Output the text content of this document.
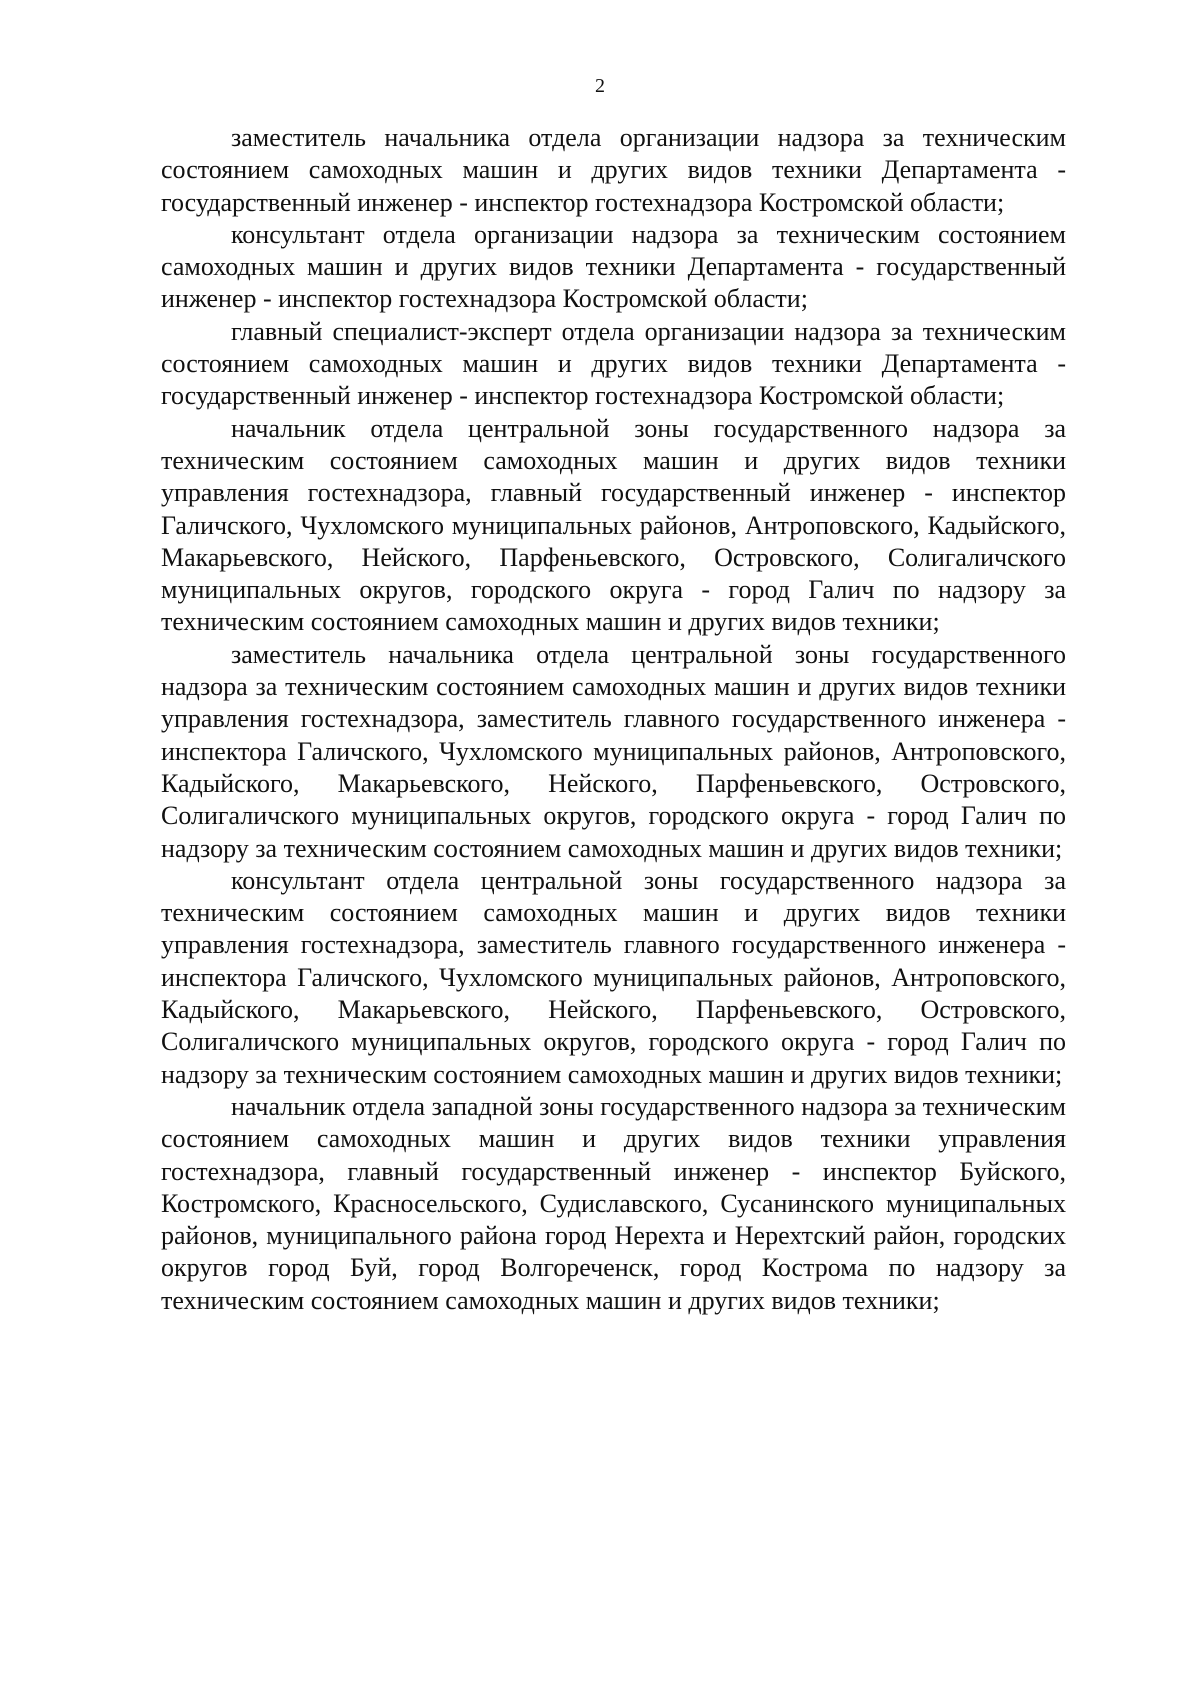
2

заместитель начальника отдела организации надзора за техническим состоянием самоходных машин и других видов техники Департамента - государственный инженер - инспектор гостехнадзора Костромской области;

консультант отдела организации надзора за техническим состоянием самоходных машин и других видов техники Департамента - государственный инженер - инспектор гостехнадзора Костромской области;

главный специалист-эксперт отдела организации надзора за техническим состоянием самоходных машин и других видов техники Департамента - государственный инженер - инспектор гостехнадзора Костромской области;

начальник отдела центральной зоны государственного надзора за техническим состоянием самоходных машин и других видов техники управления гостехнадзора, главный государственный инженер - инспектор Галичского, Чухломского муниципальных районов, Антроповского, Кадыйского, Макарьевского, Нейского, Парфеньевского, Островского, Солигаличского муниципальных округов, городского округа - город Галич по надзору за техническим состоянием самоходных машин и других видов техники;

заместитель начальника отдела центральной зоны государственного надзора за техническим состоянием самоходных машин и других видов техники управления гостехнадзора, заместитель главного государственного инженера - инспектора Галичского, Чухломского муниципальных районов, Антроповского, Кадыйского, Макарьевского, Нейского, Парфеньевского, Островского, Солигаличского муниципальных округов, городского округа - город Галич по надзору за техническим состоянием самоходных машин и других видов техники;

консультант отдела центральной зоны государственного надзора за техническим состоянием самоходных машин и других видов техники управления гостехнадзора, заместитель главного государственного инженера - инспектора Галичского, Чухломского муниципальных районов, Антроповского, Кадыйского, Макарьевского, Нейского, Парфеньевского, Островского, Солигаличского муниципальных округов, городского округа - город Галич по надзору за техническим состоянием самоходных машин и других видов техники;

начальник отдела западной зоны государственного надзора за техническим состоянием самоходных машин и других видов техники управления гостехнадзора, главный государственный инженер - инспектор Буйского, Костромского, Красносельского, Судиславского, Сусанинского муниципальных районов, муниципального района город Нерехта и Нерехтский район, городских округов город Буй, город Волгореченск, город Кострома по надзору за техническим состоянием самоходных машин и других видов техники;
